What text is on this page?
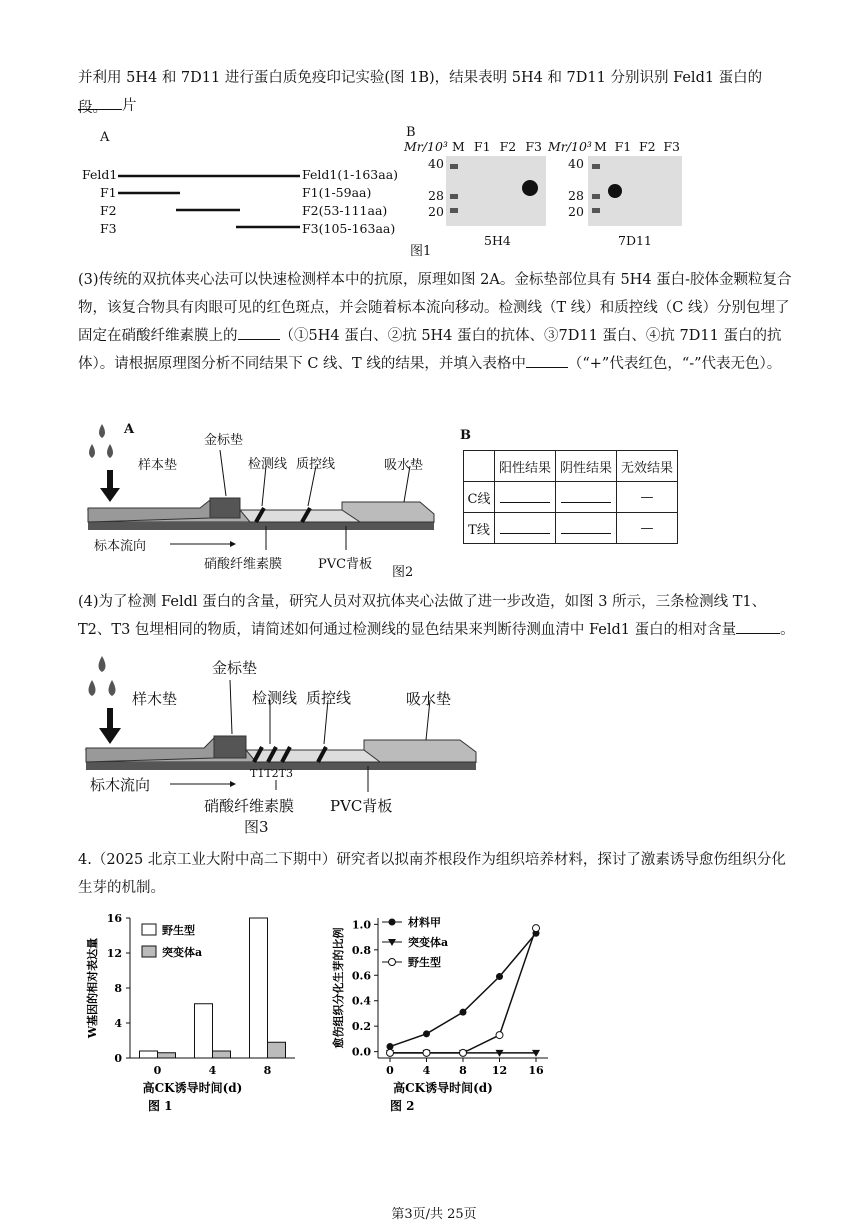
并利用 5H4 和 7D11 进行蛋白质免疫印记实验(图 1B)，结果表明 5H4 和 7D11 分别识别 Feld1 蛋白的片
段。
A
Feld1
F1
F2
F3
Feld1(1-163aa)
F1(1-59aa)
F2(53-111aa)
F3(105-163aa)
B
Mr/10³ M F1 F2 F3
40
28
20
5H4
图1
Mr/10³ M F1 F2 F3
40
28
20
7D11
(3)传统的双抗体夹心法可以快速检测样本中的抗原，原理如图 2A。金标垫部位具有 5H4 蛋白-胶体金颗粒复合物，该复合物具有肉眼可见的红色斑点，并会随着标本流向移动。检测线（T 线）和质控线（C 线）分别包埋了固定在硝酸纤维素膜上的	（①5H4 蛋白、②抗 5H4 蛋白的抗体、③7D11 蛋白、④抗 7D11 蛋白的抗体）。请根据原理图分析不同结果下 C 线、T 线的结果，并填入表格中	（“+”代表红色，“-”代表无色）。
A
金标垫
样本垫	检测线 质控线	吸水垫
标本流向
硝酸纤维素膜	PVC背板
图2
B
	阳性结果	阴性结果	无效结果
C线			—
T线			—
(4)为了检测 Feldl 蛋白的含量，研究人员对双抗体夹心法做了进一步改造，如图 3 所示，三条检测线 T1、T2、T3 包埋相同的物质，请简述如何通过检测线的显色结果来判断待测血清中 Feld1 蛋白的相对含量	。
金标垫
样木垫	检测线 质控线	吸水垫
T1T2T3
标木流向
硝酸纤维素膜 PVC背板
图3
4.（2025 北京工业大附中高二下期中）研究者以拟南芥根段作为组织培养材料，探讨了激素诱导愈伤组织分化生芽的机制。
0
4
8
12
16
0	4	8
野生型
突变体a
W基因的相对表达量
高CK诱导时间(d)
图 1
0.0
0.2
0.4
0.6
0.8
1.0
0	4	8 12 16
材料甲
突变体a
野生型
愈伤组织分化生芽的比例
高CK诱导时间(d)
图 2
第3页/共 25页
